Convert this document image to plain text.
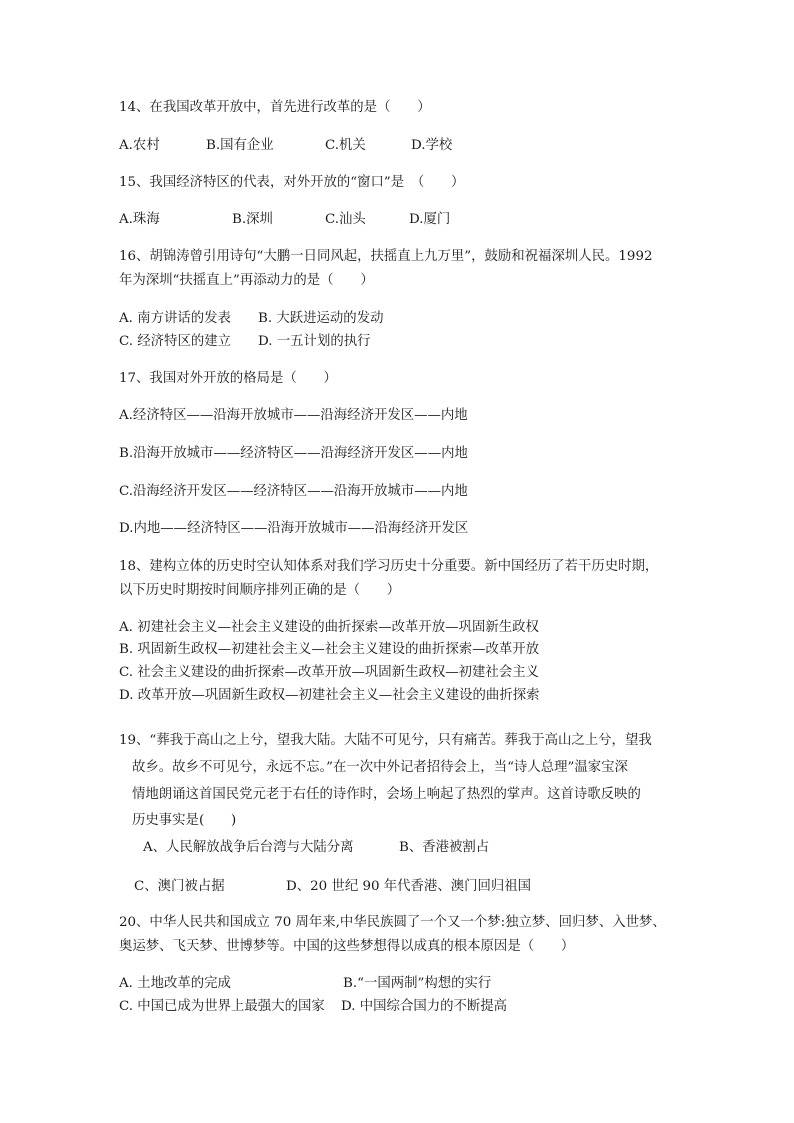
14、在我国改革开放中，首先进行改革的是（　　）
A.农村	B.国有企业	C.机关	D.学校
15、我国经济特区的代表，对外开放的“窗口”是　（　　）
A.珠海	B.深圳	C.汕头	D.厦门
16、胡锦涛曾引用诗句“大鹏一日同风起，扶摇直上九万里”，鼓励和祝福深圳人民。1992
年为深圳“扶摇直上”再添动力的是（　　）
A. 南方讲话的发表 B. 大跃进运动的发动
C. 经济特区的建立 D. 一五计划的执行
17、我国对外开放的格局是（　　）
A.经济特区——沿海开放城市——沿海经济开发区——内地
B.沿海开放城市——经济特区——沿海经济开发区——内地
C.沿海经济开发区——经济特区——沿海开放城市——内地
D.内地——经济特区——沿海开放城市——沿海经济开发区
18、建构立体的历史时空认知体系对我们学习历史十分重要。新中国经历了若干历史时期，
以下历史时期按时间顺序排列正确的是（　　）
A. 初建社会主义—社会主义建设的曲折探索—改革开放—巩固新生政权
B. 巩固新生政权—初建社会主义—社会主义建设的曲折探索—改革开放
C. 社会主义建设的曲折探索—改革开放—巩固新生政权—初建社会主义
D. 改革开放—巩固新生政权—初建社会主义—社会主义建设的曲折探索
19、“葬我于高山之上兮，望我大陆。大陆不可见兮，只有痛苦。葬我于高山之上兮，望我
故乡。故乡不可见兮，永远不忘。”在一次中外记者招待会上，当“诗人总理”温家宝深
情地朗诵这首国民党元老于右任的诗作时，会场上响起了热烈的掌声。这首诗歌反映的
历史事实是(　　)
A、人民解放战争后台湾与大陆分离	B、香港被割占
C、澳门被占据	D、20 世纪 90 年代香港、澳门回归祖国
20、中华人民共和国成立 70 周年来,中华民族圆了一个又一个梦:独立梦、回归梦、入世梦、
奥运梦、飞天梦、世博梦等。中国的这些梦想得以成真的根本原因是（　　）
A. 土地改革的完成	B.“一国两制”构想的实行
C. 中国已成为世界上最强大的国家 D. 中国综合国力的不断提高
